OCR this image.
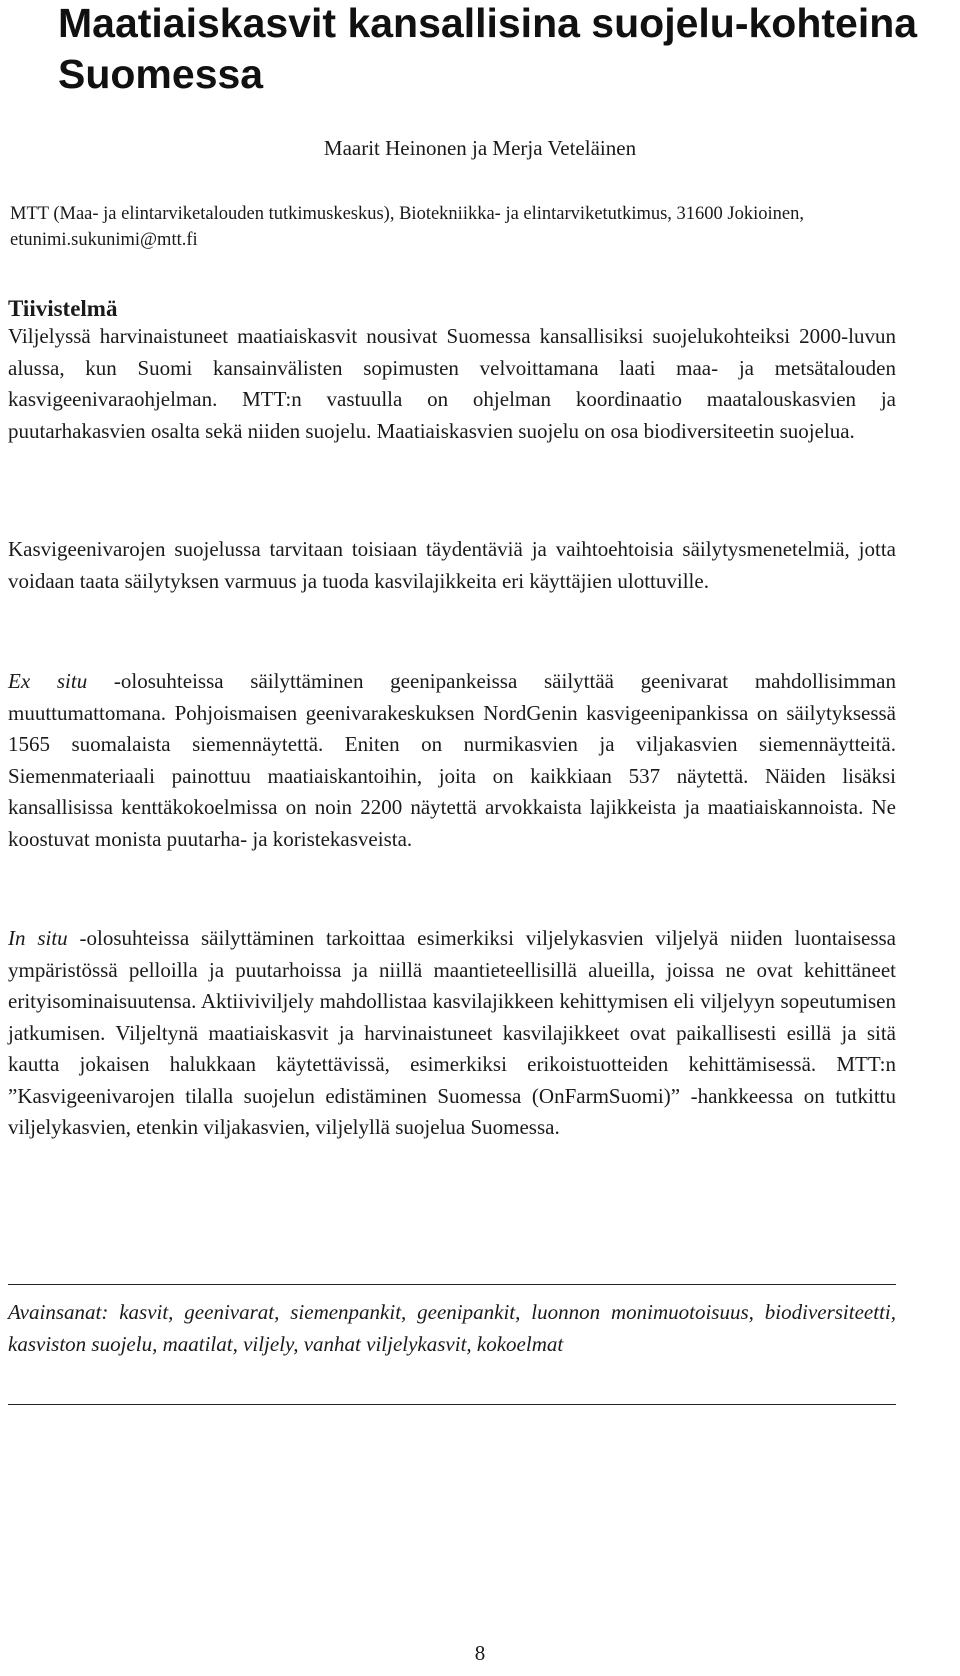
Maatiaiskasvit kansallisina suojelu-kohteina Suomessa

Maarit Heinonen ja Merja Veteläinen

MTT (Maa- ja elintarviketalouden tutkimuskeskus), Biotekniikka- ja elintarviketutkimus, 31600 Jokioinen, etunimi.sukunimi@mtt.fi

Tiivistelmä

Viljelyssä harvinaistuneet maatiaiskasvit nousivat Suomessa kansallisiksi suojelukohteiksi 2000-luvun alussa, kun Suomi kansainvälisten sopimusten velvoittamana laati maa- ja metsätalouden kasvigeenivaraohjelman. MTT:n vastuulla on ohjelman koordinaatio maatalouskasvien ja puutarhakasvien osalta sekä niiden suojelu. Maatiaiskasvien suojelu on osa biodiversiteetin suojelua.

Kasvigeenivarojen suojelussa tarvitaan toisiaan täydentäviä ja vaihtoehtoisia säilytysmenetelmiä, jotta voidaan taata säilytyksen varmuus ja tuoda kasvilajikkeita eri käyttäjien ulottuville.

Ex situ -olosuhteissa säilyttäminen geenipankeissa säilyttää geenivarat mahdollisimman muuttumattomana. Pohjoismaisen geenivarakeskuksen NordGenin kasvigeenipankissa on säilytyksessä 1565 suomalaista siemennäytettä. Eniten on nurmikasvien ja viljakasvien siemennäytteitä. Siemenmateriaali painottuu maatiaiskantoihin, joita on kaikkiaan 537 näytettä. Näiden lisäksi kansallisissa kenttäkokoelmissa on noin 2200 näytettä arvokkaista lajikkeista ja maatiaiskannoista. Ne koostuvat monista puutarha- ja koristekasveista.

In situ -olosuhteissa säilyttäminen tarkoittaa esimerkiksi viljelykasvien viljelyä niiden luontaisessa ympäristössä pelloilla ja puutarhoissa ja niillä maantieteellisillä alueilla, joissa ne ovat kehittäneet erityisominaisuutensa. Aktiiviviljely mahdollistaa kasvilajikkeen kehittymisen eli viljelyyn sopeutumisen jatkumisen. Viljeltynä maatiaiskasvit ja harvinaistuneet kasvilajikkeet ovat paikallisesti esillä ja sitä kautta jokaisen halukkaan käytettävissä, esimerkiksi erikoistuotteiden kehittämisessä. MTT:n ”Kasvigeenivarojen tilalla suojelun edistäminen Suomessa (OnFarmSuomi)” -hankkeessa on tutkittu viljelykasvien, etenkin viljakasvien, viljelyllä suojelua Suomessa.

Avainsanat: kasvit, geenivarat, siemenpankit, geenipankit, luonnon monimuotoisuus, biodiversiteetti, kasviston suojelu, maatilat, viljely, vanhat viljelykasvit, kokoelmat

8
